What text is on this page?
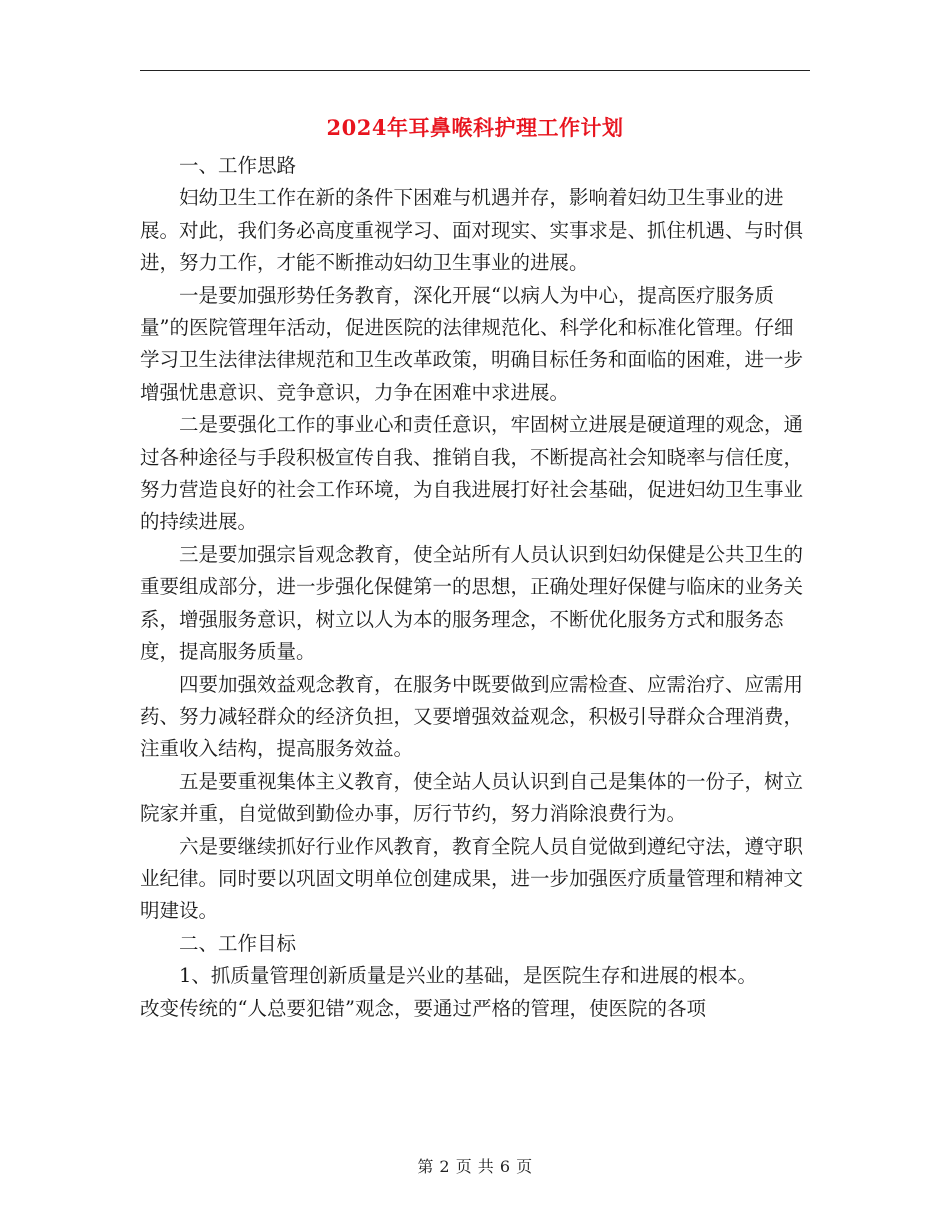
2024年耳鼻喉科护理工作计划

一、工作思路

妇幼卫生工作在新的条件下困难与机遇并存，影响着妇幼卫生事业的进展。对此，我们务必高度重视学习、面对现实、实事求是、抓住机遇、与时俱进，努力工作，才能不断推动妇幼卫生事业的进展。

一是要加强形势任务教育，深化开展“以病人为中心，提高医疗服务质量”的医院管理年活动，促进医院的法律规范化、科学化和标准化管理。仔细学习卫生法律法律规范和卫生改革政策，明确目标任务和面临的困难，进一步增强忧患意识、竞争意识，力争在困难中求进展。

二是要强化工作的事业心和责任意识，牢固树立进展是硬道理的观念，通过各种途径与手段积极宣传自我、推销自我，不断提高社会知晓率与信任度，努力营造良好的社会工作环境，为自我进展打好社会基础，促进妇幼卫生事业的持续进展。

三是要加强宗旨观念教育，使全站所有人员认识到妇幼保健是公共卫生的重要组成部分，进一步强化保健第一的思想，正确处理好保健与临床的业务关系，增强服务意识，树立以人为本的服务理念，不断优化服务方式和服务态度，提高服务质量。

四要加强效益观念教育，在服务中既要做到应需检查、应需治疗、应需用药、努力减轻群众的经济负担，又要增强效益观念，积极引导群众合理消费，注重收入结构，提高服务效益。

五是要重视集体主义教育，使全站人员认识到自己是集体的一份子，树立院家并重，自觉做到勤俭办事，厉行节约，努力消除浪费行为。

六是要继续抓好行业作风教育，教育全院人员自觉做到遵纪守法，遵守职业纪律。同时要以巩固文明单位创建成果，进一步加强医疗质量管理和精神文明建设。

二、工作目标

1、抓质量管理创新质量是兴业的基础，是医院生存和进展的根本。

改变传统的“人总要犯错”观念，要通过严格的管理，使医院的各项

第 2 页 共 6 页
